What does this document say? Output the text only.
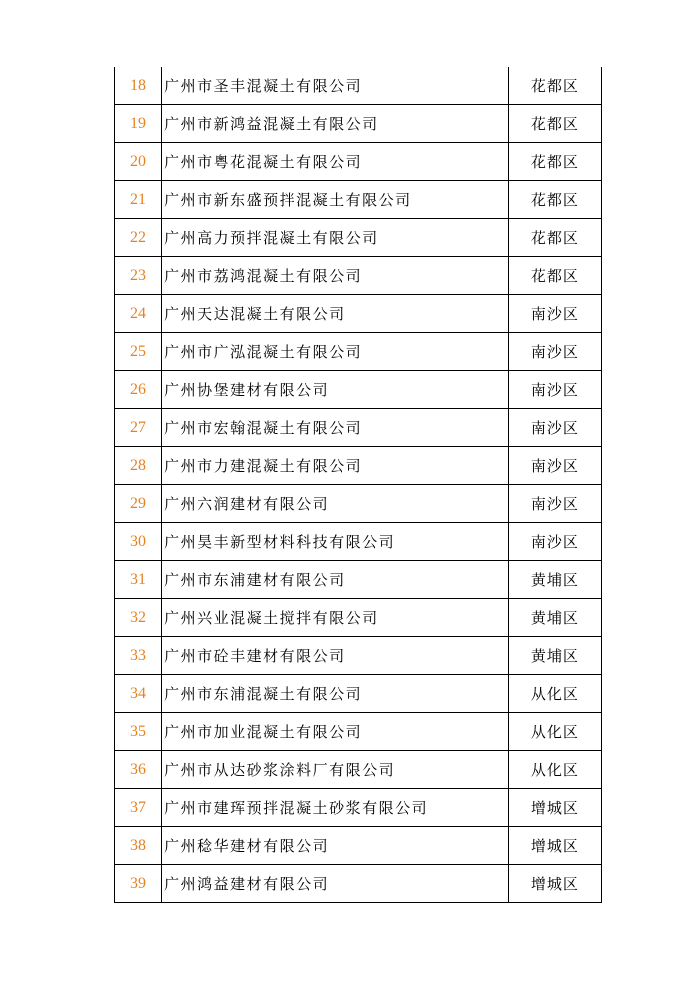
18	广州市圣丰混凝土有限公司	花都区
19	广州市新鸿益混凝土有限公司	花都区
20	广州市粤花混凝土有限公司	花都区
21	广州市新东盛预拌混凝土有限公司	花都区
22	广州高力预拌混凝土有限公司	花都区
23	广州市荔鸿混凝土有限公司	花都区
24	广州天达混凝土有限公司	南沙区
25	广州市广泓混凝土有限公司	南沙区
26	广州协堡建材有限公司	南沙区
27	广州市宏翰混凝土有限公司	南沙区
28	广州市力建混凝土有限公司	南沙区
29	广州六润建材有限公司	南沙区
30	广州昊丰新型材料科技有限公司	南沙区
31	广州市东浦建材有限公司	黄埔区
32	广州兴业混凝土搅拌有限公司	黄埔区
33	广州市砼丰建材有限公司	黄埔区
34	广州市东浦混凝土有限公司	从化区
35	广州市加业混凝土有限公司	从化区
36	广州市从达砂浆涂料厂有限公司	从化区
37	广州市建珲预拌混凝土砂浆有限公司	增城区
38	广州稔华建材有限公司	增城区
39	广州鸿益建材有限公司	增城区
